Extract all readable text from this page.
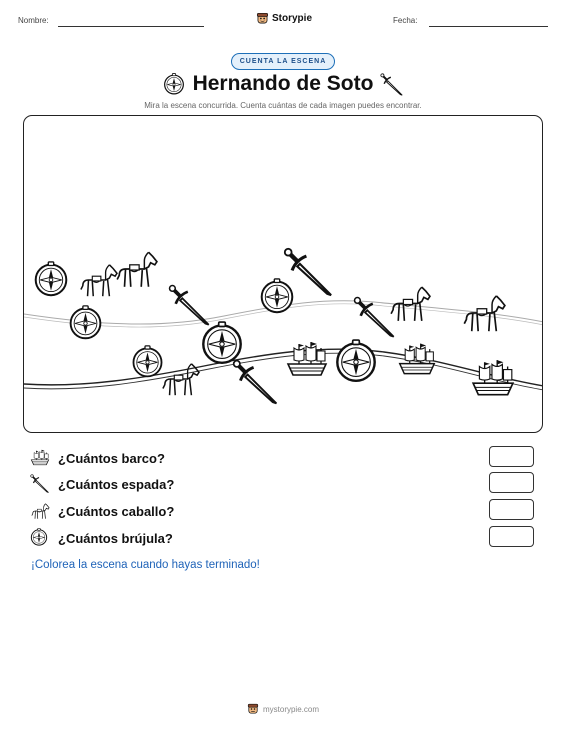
Nombre:	Storypie	Fecha:
CUENTA LA ESCENA
Hernando de Soto
Mira la escena concurrida. Cuenta cuántas de cada imagen puedes encontrar.
¿Cuántos barco?
¿Cuántos espada?
¿Cuántos caballo?
¿Cuántos brújula?
¡Colorea la escena cuando hayas terminado!
mystorypie.com
